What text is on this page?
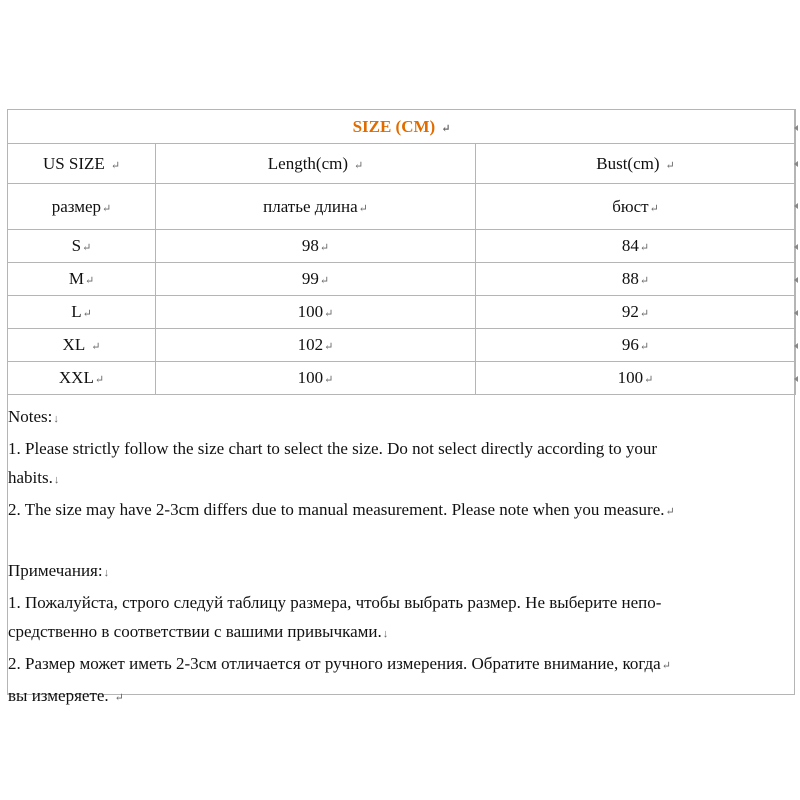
SIZE (CM) ↵		
US SIZE ↵	Length(cm) ↵	Bust(cm) ↵
размер↵	платье длина↵	бюст↵
S↵	98↵	84↵
M↵	99↵	88↵
L↵	100↵	92↵
XL ↵	102↵	96↵
XXL↵	100↵	100↵

Notes:↓

1. Please strictly follow the size chart to select the size. Do not select directly according to your

habits.↓

2. The size may have 2-3cm differs due to manual measurement. Please note when you measure.↵

Примечания:↓

1. Пожалуйста, строго следуй таблицу размера, чтобы выбрать размер. Не выберите непо-

средственно в соответствии с вашими привычками.↓

2. Размер может иметь 2-3см отличается от ручного измерения. Обратите внимание, когда↵

вы измеряете. ↵
